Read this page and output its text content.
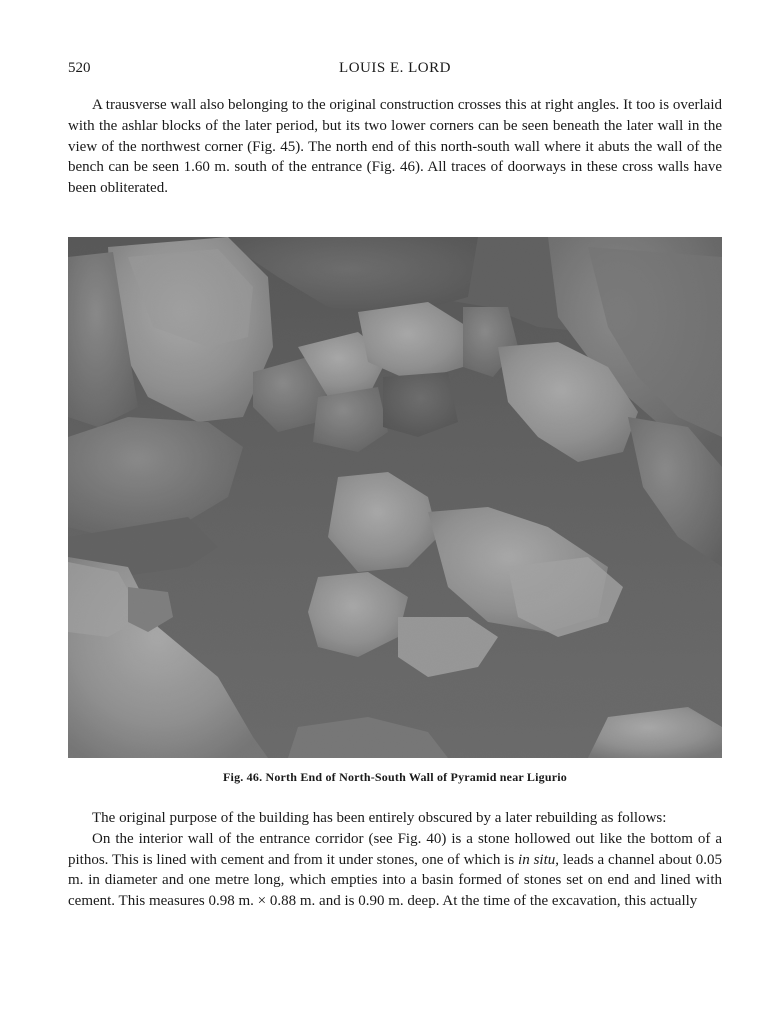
520	LOUIS E. LORD

A trausverse wall also belonging to the original construction crosses this at right angles. It too is overlaid with the ashlar blocks of the later period, but its two lower corners can be seen beneath the later wall in the view of the northwest corner (Fig. 45). The north end of this north-south wall where it abuts the wall of the bench can be seen 1.60 m. south of the entrance (Fig. 46). All traces of doorways in these cross walls have been obliterated.

Fig. 46. North End of North-South Wall of Pyramid near Ligurio

The original purpose of the building has been entirely obscured by a later rebuilding as follows:

On the interior wall of the entrance corridor (see Fig. 40) is a stone hollowed out like the bottom of a pithos. This is lined with cement and from it under stones, one of which is in situ, leads a channel about 0.05 m. in diameter and one metre long, which empties into a basin formed of stones set on end and lined with cement. This measures 0.98 m. × 0.88 m. and is 0.90 m. deep. At the time of the excavation, this actually
